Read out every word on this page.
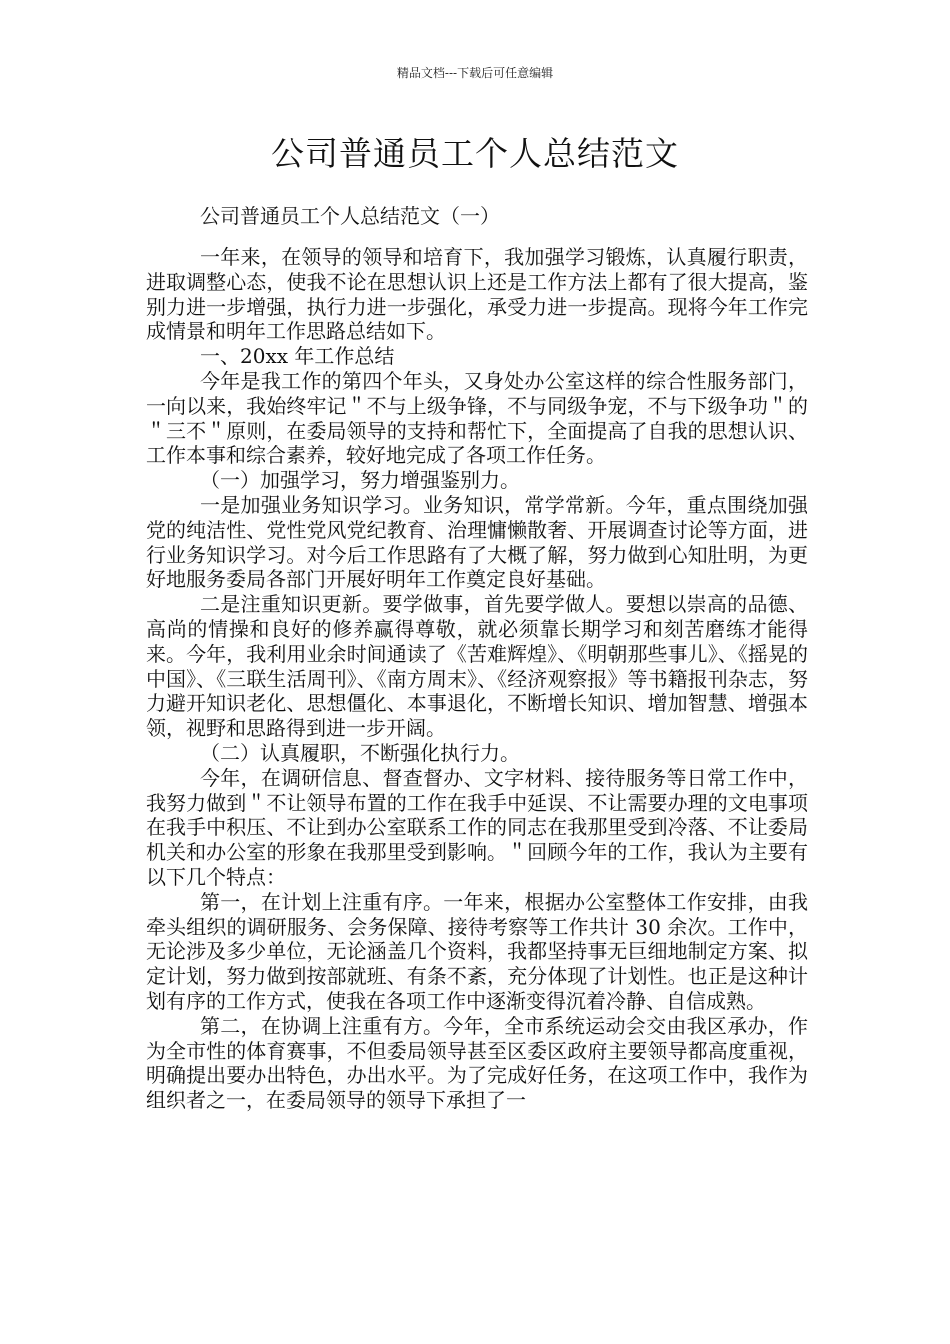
精品文档---下载后可任意编辑
公司普通员工个人总结范文
公司普通员工个人总结范文（一）

一年来，在领导的领导和培育下，我加强学习锻炼，认真履行职责，进取调整心态，使我不论在思想认识上还是工作方法上都有了很大提高，鉴别力进一步增强，执行力进一步强化，承受力进一步提高。现将今年工作完成情景和明年工作思路总结如下。

一、20xx 年工作总结

今年是我工作的第四个年头，又身处办公室这样的综合性服务部门，一向以来，我始终牢记＂不与上级争锋，不与同级争宠，不与下级争功＂的＂三不＂原则，在委局领导的支持和帮忙下，全面提高了自我的思想认识、工作本事和综合素养，较好地完成了各项工作任务。

（一）加强学习，努力增强鉴别力。

一是加强业务知识学习。业务知识，常学常新。今年，重点围绕加强党的纯洁性、党性党风党纪教育、治理慵懒散奢、开展调查讨论等方面，进行业务知识学习。对今后工作思路有了大概了解，努力做到心知肚明，为更好地服务委局各部门开展好明年工作奠定良好基础。

二是注重知识更新。要学做事，首先要学做人。要想以崇高的品德、高尚的情操和良好的修养赢得尊敬，就必须靠长期学习和刻苦磨练才能得来。今年，我利用业余时间通读了《苦难辉煌》、《明朝那些事儿》、《摇晃的中国》、《三联生活周刊》、《南方周末》、《经济观察报》等书籍报刊杂志，努力避开知识老化、思想僵化、本事退化，不断增长知识、增加智慧、增强本领，视野和思路得到进一步开阔。

（二）认真履职，不断强化执行力。

今年，在调研信息、督查督办、文字材料、接待服务等日常工作中，我努力做到＂不让领导布置的工作在我手中延误、不让需要办理的文电事项在我手中积压、不让到办公室联系工作的同志在我那里受到冷落、不让委局机关和办公室的形象在我那里受到影响。＂回顾今年的工作，我认为主要有以下几个特点：

第一，在计划上注重有序。一年来，根据办公室整体工作安排，由我牵头组织的调研服务、会务保障、接待考察等工作共计 30 余次。工作中，无论涉及多少单位，无论涵盖几个资料，我都坚持事无巨细地制定方案、拟定计划，努力做到按部就班、有条不紊，充分体现了计划性。也正是这种计划有序的工作方式，使我在各项工作中逐渐变得沉着冷静、自信成熟。

第二，在协调上注重有方。今年，全市系统运动会交由我区承办，作为全市性的体育赛事，不但委局领导甚至区委区政府主要领导都高度重视，明确提出要办出特色，办出水平。为了完成好任务，在这项工作中，我作为组织者之一，在委局领导的领导下承担了一
